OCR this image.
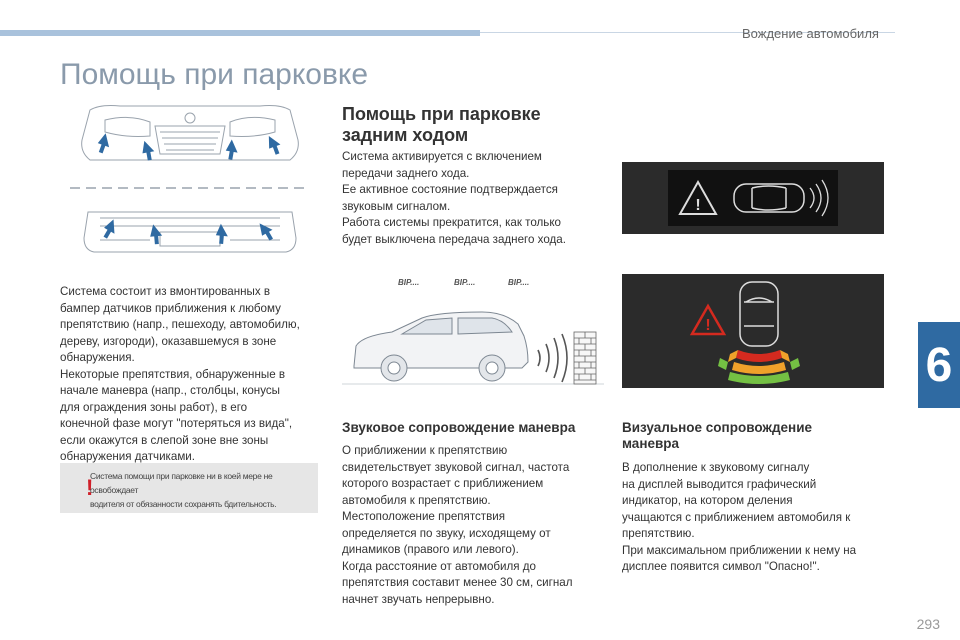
Вождение автомобиля
Помощь при парковке
6
293

Система состоит из вмонтированных в

бампер датчиков приближения к любому

препятствию (напр., пешеходу, автомобилю,

дереву, изгороди), оказавшемуся в зоне

обнаружения.

Некоторые препятствия, обнаруженные в

начале маневра (напр., столбцы, конусы

для ограждения зоны работ), в его

конечной фазе могут "потеряться из вида",

если окажутся в слепой зоне вне зоны

обнаружения датчиками.

!
Система помощи при парковке ни в коей мере не освобождает
водителя от обязанности сохранять бдительность.
Помощь при парковке
задним ходом

Система активируется с включением

передачи заднего хода.

Ее активное состояние подтверждается

звуковым сигналом.

Работа системы прекратится, как только

будет выключена передача заднего хода.

BIP....	BIP....	BIP....
Звуковое сопровождение маневра

О приближении к препятствию

свидетельствует звуковой сигнал, частота

которого возрастает с приближением

автомобиля к препятствию.

Местоположение препятствия

определяется по звуку, исходящему от

динамиков (правого или левого).

Когда расстояние от автомобиля до

препятствия составит менее 30 см, сигнал

начнет звучать непрерывно.

!
!
Визуальное сопровождение
маневра

В дополнение к звуковому сигналу

на дисплей выводится графический

индикатор, на котором деления

учащаются с приближением автомобиля к

препятствию.

При максимальном приближении к нему на

дисплее появится символ "Опасно!".
